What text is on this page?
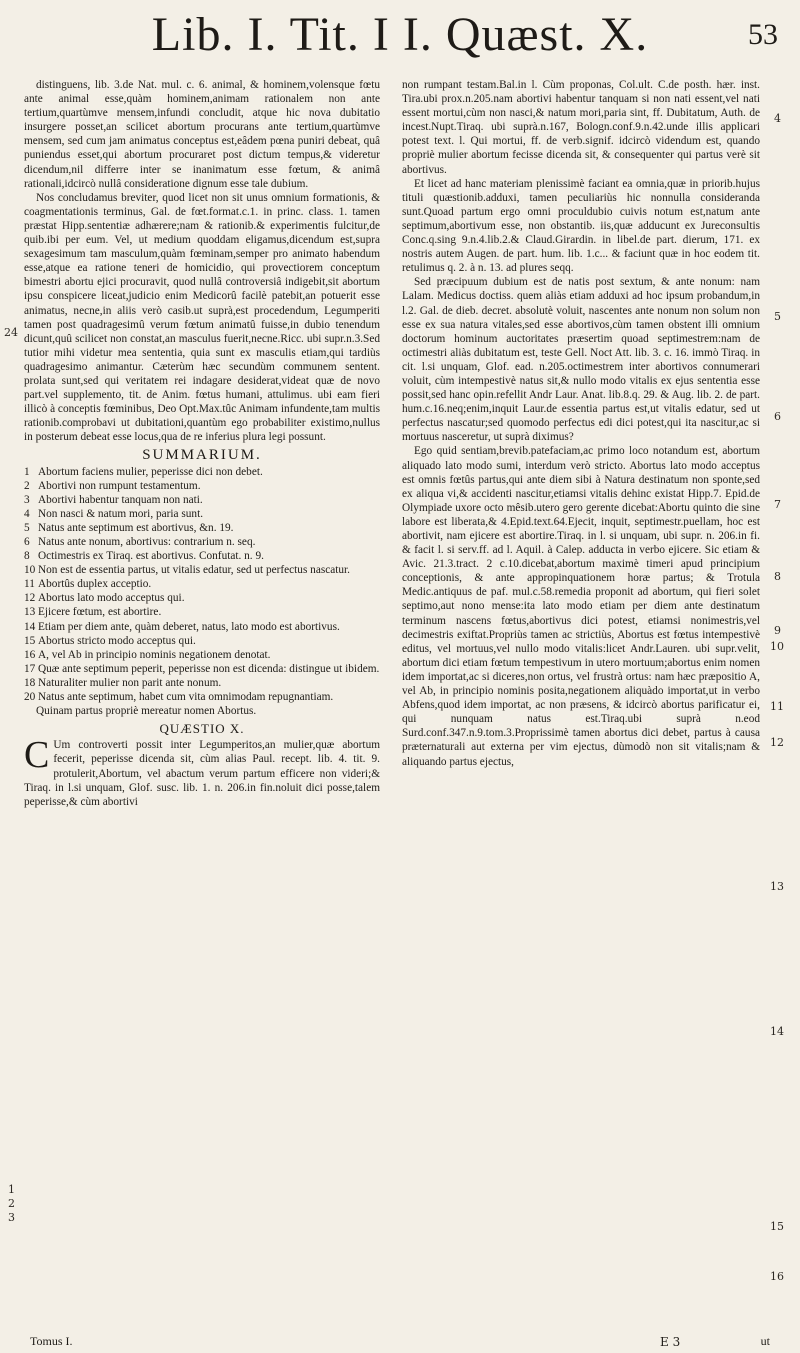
Lib. I. Tit. I I. Quæst. X.	53

distinguens, lib. 3.de Nat. mul. c. 6. animal, & hominem,volensque fœtu ante animal esse,quàm hominem,animam rationalem non ante tertium,quartùmve mensem,infundi concludit, atque hic nova dubitatio insurgere posset,an scilicet abortum procurans ante tertium,quartùmve mensem, sed cum jam animatus conceptus est,eâdem pœna puniri debeat, quâ puniendus esset,qui abortum procuraret post dictum tempus,& videretur dicendum,nil differre inter se inanimatum esse fœtum, & animâ rationali,idcircò nullâ consideratione dignum esse tale dubium.

Nos concludamus breviter, quod licet non sit unus omnium formationis, & coagmentationis terminus, Gal. de fœt.format.c.1. in princ. class. 1. tamen præstat Hipp.sententiæ adhærere;nam & rationib.& experimentis fulcitur,de quib.ibi per eum. Vel, ut medium quoddam eligamus,dicendum est,supra sexagesimum tam masculum,quàm fœminam,semper pro animato habendum esse,atque ea ratione teneri de homicidio, qui provectiorem conceptum bimestri abortu ejici procuravit, quod nullâ controversiâ indigebit,sit abortum ipsu conspicere liceat,judicio enim Medicorû facilè patebit,an potuerit esse animatus, necne,in aliis verò casib.ut suprà,est procedendum, Legumperiti tamen post quadragesimû verum fœtum animatû fuisse,in dubio tenendum dicunt,quû scilicet non constat,an masculus fuerit,necne.Ricc. ubi supr.n.3.Sed tutior mihi videtur mea sententia, quia sunt ex masculis etiam,qui tardiùs quadragesimo animantur. Cæterùm hæc secundùm communem sentent. prolata sunt,sed qui veritatem rei indagare desiderat,videat quæ de novo part.vel supplemento, tit. de Anim. fœtus humani, attulimus. ubi eam fieri illicò à conceptis fœminibus, Deo Opt.Max.tûc Animam infundente,tam multis rationib.comprobavi ut dubitationi,quantùm ego probabiliter existimo,nullus in posterum debeat esse locus,qua de re inferius plura legi possunt.

SUMMARIUM.
1 Abortum faciens mulier, peperisse dici non debet.
2 Abortivi non rumpunt testamentum.
3 Abortivi habentur tanquam non nati.
4 Non nasci & natum mori, paria sunt.
5 Natus ante septimum est abortivus, &n. 19.
6 Natus ante nonum, abortivus: contrarium n. seq.
8 Octimestris ex Tiraq. est abortivus. Confutat. n. 9.
10 Non est de essentia partus, ut vitalis edatur, sed ut perfectus nascatur.
11 Abortûs duplex acceptio.
12 Abortus lato modo acceptus qui.
13 Ejicere fœtum, est abortire.
14 Etiam per diem ante, quàm deberet, natus, lato modo est abortivus.
15 Abortus stricto modo acceptus qui.
16 A, vel Ab in principio nominis negationem denotat.
17 Quæ ante septimum peperit, peperisse non est dicenda: distingue ut ibidem.
18 Naturaliter mulier non parit ante nonum.
20 Natus ante septimum, habet cum vita omnimodam repugnantiam.

Quinam partus propriè mereatur nomen Abortus.

QUÆSTIO X.

C Um controverti possit inter Legumperitos,an mulier,quæ abortum fecerit, peperisse dicenda sit, cùm alias Paul. recept. lib. 4. tit. 9. protulerit,Abortum, vel abactum verum partum efficere non videri;& Tiraq. in l.si unquam, Glof. susc. lib. 1. n. 206.in fin.noluit dici posse,talem peperisse,& cùm abortivi

24
1
2
3

non rumpant testam.Bal.in l. Cùm proponas, Col.ult. C.de posth. hær. inst. Tira.ubi prox.n.205.nam abortivi habentur tanquam si non nati essent,vel nati essent mortui,cùm non nasci,& natum mori,paria sint, ff. Dubitatum, Auth. de incest.Nupt.Tiraq. ubi suprà.n.167, Bologn.conf.9.n.42.unde illis applicari potest text. l. Qui mortui, ff. de verb.signif. idcircò videndum est, quando propriè mulier abortum fecisse dicenda sit, & consequenter qui partus verè sit abortivus.

Et licet ad hanc materiam plenissimè faciant ea omnia,quæ in priorib.hujus tituli quæstionib.adduxi, tamen peculiariùs hic nonnulla consideranda sunt.Quoad partum ergo omni proculdubio cuivis notum est,natum ante septimum,abortivum esse, non obstantib. iis,quæ adducunt ex Jureconsultis Conc.q.sing 9.n.4.lib.2.& Claud.Girardin. in libel.de part. dierum, 171. ex nostris autem Augen. de part. hum. lib. 1.c... & faciunt quæ in hoc eodem tit. retulimus q. 2. à n. 13. ad plures seqq.

Sed præcipuum dubium est de natis post sextum, & ante nonum: nam Lalam. Medicus doctiss. quem aliàs etiam adduxi ad hoc ipsum probandum,in l.2. Gal. de dieb. decret. absolutè voluit, nascentes ante nonum non solum non esse ex sua natura vitales,sed esse abortivos,cùm tamen obstent illi omnium doctorum hominum auctoritates præsertim quoad septimestrem:nam de octimestri aliàs dubitatum est, teste Gell. Noct Att. lib. 3. c. 16. immò Tiraq. in cit. l.si unquam, Glof. ead. n.205.octimestrem inter abortivos connumerari voluit, cùm intempestivè natus sit,& nullo modo vitalis ex ejus sententia esse possit,sed hanc opin.refellit Andr Laur. Anat. lib.8.q. 29. & Aug. lib. 2. de part. hum.c.16.neq;enim,inquit Laur.de essentia partus est,ut vitalis edatur, sed ut perfectus nascatur;sed quomodo perfectus edi dici potest,qui ita nascitur,ac si mortuus nasceretur, ut suprà diximus?

Ego quid sentiam,brevib.patefaciam,ac primo loco notandum est, abortum aliquado lato modo sumi, interdum verò stricto. Abortus lato modo acceptus est omnis fœtûs partus,qui ante diem sibi à Natura destinatum non sponte,sed ex aliqua vi,& accidenti nascitur,etiamsi vitalis dehinc existat Hipp.7. Epid.de Olympiade uxore octo mêsib.utero gero gerente dicebat:Abortu quinto die sine labore est liberata,& 4.Epid.text.64.Ejecit, inquit, septimestr.puellam, hoc est abortivit, nam ejicere est abortire.Tiraq. in l. si unquam, ubi supr. n. 206.in fi. & facit l. si serv.ff. ad l. Aquil. à Calep. adducta in verbo ejicere. Sic etiam & Avic. 21.3.tract. 2 c.10.dicebat,abortum maximè timeri apud principium conceptionis, & ante appropinquationem horæ partus; & Trotula Medic.antiquus de paf. mul.c.58.remedia proponit ad abortum, qui fieri solet septimo,aut nono mense:ita lato modo etiam per diem ante destinatum terminum nascens fœtus,abortivus dici potest, etiamsi nonimestris,vel decimestris exiftat.Propriùs tamen ac strictiùs, Abortus est fœtus intempestivè editus, vel mortuus,vel nullo modo vitalis:licet Andr.Lauren. ubi supr.velit, abortum dici etiam fœtum tempestivum in utero mortuum;abortus enim nomen idem importat,ac si diceres,non ortus, vel frustrà ortus: nam hæc præpositio A, vel Ab, in principio nominis posita,negationem aliquàdo importat,ut in verbo Abfens,quod idem importat, ac non præsens, & idcircò abortus parificatur ei, qui nunquam natus est.Tiraq.ubi suprà n.eod Surd.conf.347.n.9.tom.3.Proprissimè tamen abortus dici debet, partus à causa præternaturali aut externa per vim ejectus, dùmodò non sit vitalis;nam & aliquando partus ejectus,

4
5
6
7
8
9
10
11
12
13
14
15
16
Tomus I.	E 3	ut
